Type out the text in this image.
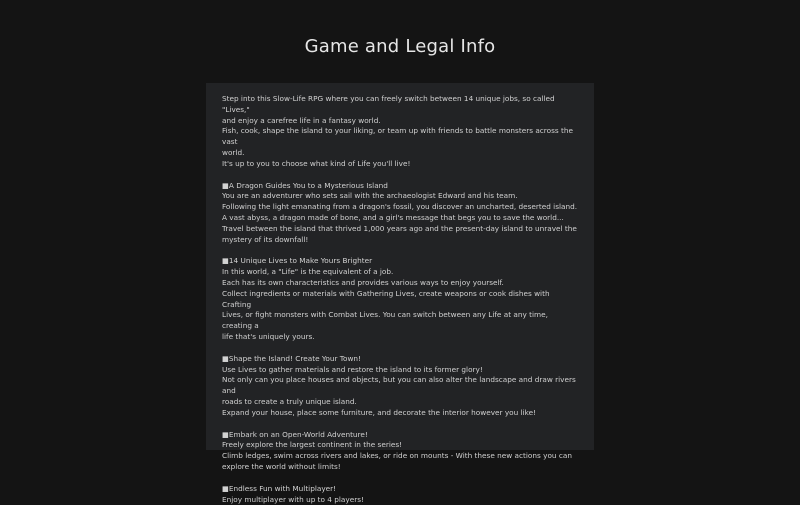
Game and Legal Info
Step into this Slow-Life RPG where you can freely switch between 14 unique jobs, so called "Lives,"
and enjoy a carefree life in a fantasy world.
Fish, cook, shape the island to your liking, or team up with friends to battle monsters across the vast
world.
It's up to you to choose what kind of Life you'll live!
■A Dragon Guides You to a Mysterious Island
You are an adventurer who sets sail with the archaeologist Edward and his team.
Following the light emanating from a dragon's fossil, you discover an uncharted, deserted island.
A vast abyss, a dragon made of bone, and a girl's message that begs you to save the world...
Travel between the island that thrived 1,000 years ago and the present-day island to unravel the
mystery of its downfall!
■14 Unique Lives to Make Yours Brighter
In this world, a "Life" is the equivalent of a job.
Each has its own characteristics and provides various ways to enjoy yourself.
Collect ingredients or materials with Gathering Lives, create weapons or cook dishes with Crafting
Lives, or fight monsters with Combat Lives. You can switch between any Life at any time, creating a
life that's uniquely yours.
■Shape the Island! Create Your Town!
Use Lives to gather materials and restore the island to its former glory!
Not only can you place houses and objects, but you can also alter the landscape and draw rivers and
roads to create a truly unique island.
Expand your house, place some furniture, and decorate the interior however you like!
■Embark on an Open-World Adventure!
Freely explore the largest continent in the series!
Climb ledges, swim across rivers and lakes, or ride on mounts - With these new actions you can
explore the world without limits!
■Endless Fun with Multiplayer!
Enjoy multiplayer with up to 4 players!
